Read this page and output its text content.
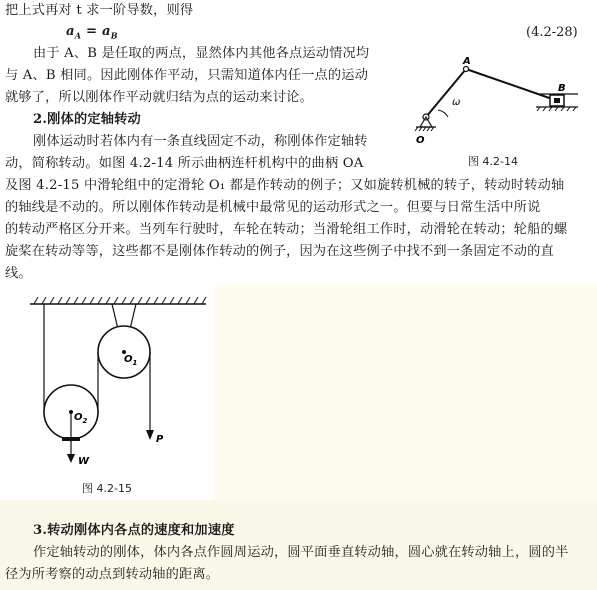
把上式再对 t 求一阶导数，则得
$a_A = a_B$	(4.2-28)
由于 A、B 是任取的两点，显然体内其他各点运动情况均
与 A、B 相同。因此刚体作平动，只需知道体内任一点的运动
就够了，所以刚体作平动就归结为点的运动来讨论。
2.刚体的定轴转动
刚体运动时若体内有一条直线固定不动，称刚体作定轴转
动，简称转动。如图 4.2-14 所示曲柄连杆机构中的曲柄 OA
及图 4.2-15 中滑轮组中的定滑轮 O₁ 都是作转动的例子；又如旋转机械的转子，转动时转动轴
的轴线是不动的。所以刚体作转动是机械中最常见的运动形式之一。但要与日常生活中所说
的转动严格区分开来。当列车行驶时，车轮在转动；当滑轮组工作时，动滑轮在转动；轮船的螺
旋桨在转动等等，这些都不是刚体作转动的例子，因为在这些例子中找不到一条固定不动的直
线。
A
B
O
ω
图 4.2-14
$O_1$
$O_2$
W
P
图 4.2-15
3.转动刚体内各点的速度和加速度
作定轴转动的刚体，体内各点作圆周运动，圆平面垂直转动轴，圆心就在转动轴上，圆的半
径为所考察的动点到转动轴的距离。
